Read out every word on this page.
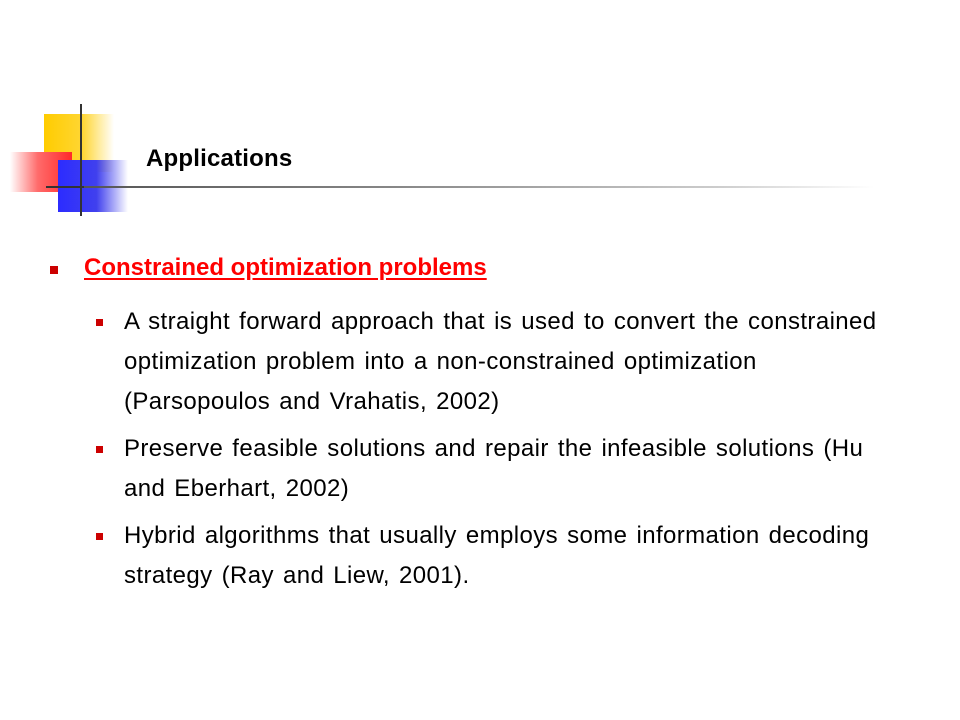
Applications
Constrained optimization problems
A straight forward approach that is used to convert the constrained optimization problem into a non-constrained optimization (Parsopoulos and Vrahatis, 2002)
Preserve feasible solutions and repair the infeasible solutions (Hu and Eberhart, 2002)
Hybrid algorithms that usually employs some information decoding strategy (Ray and Liew, 2001).
